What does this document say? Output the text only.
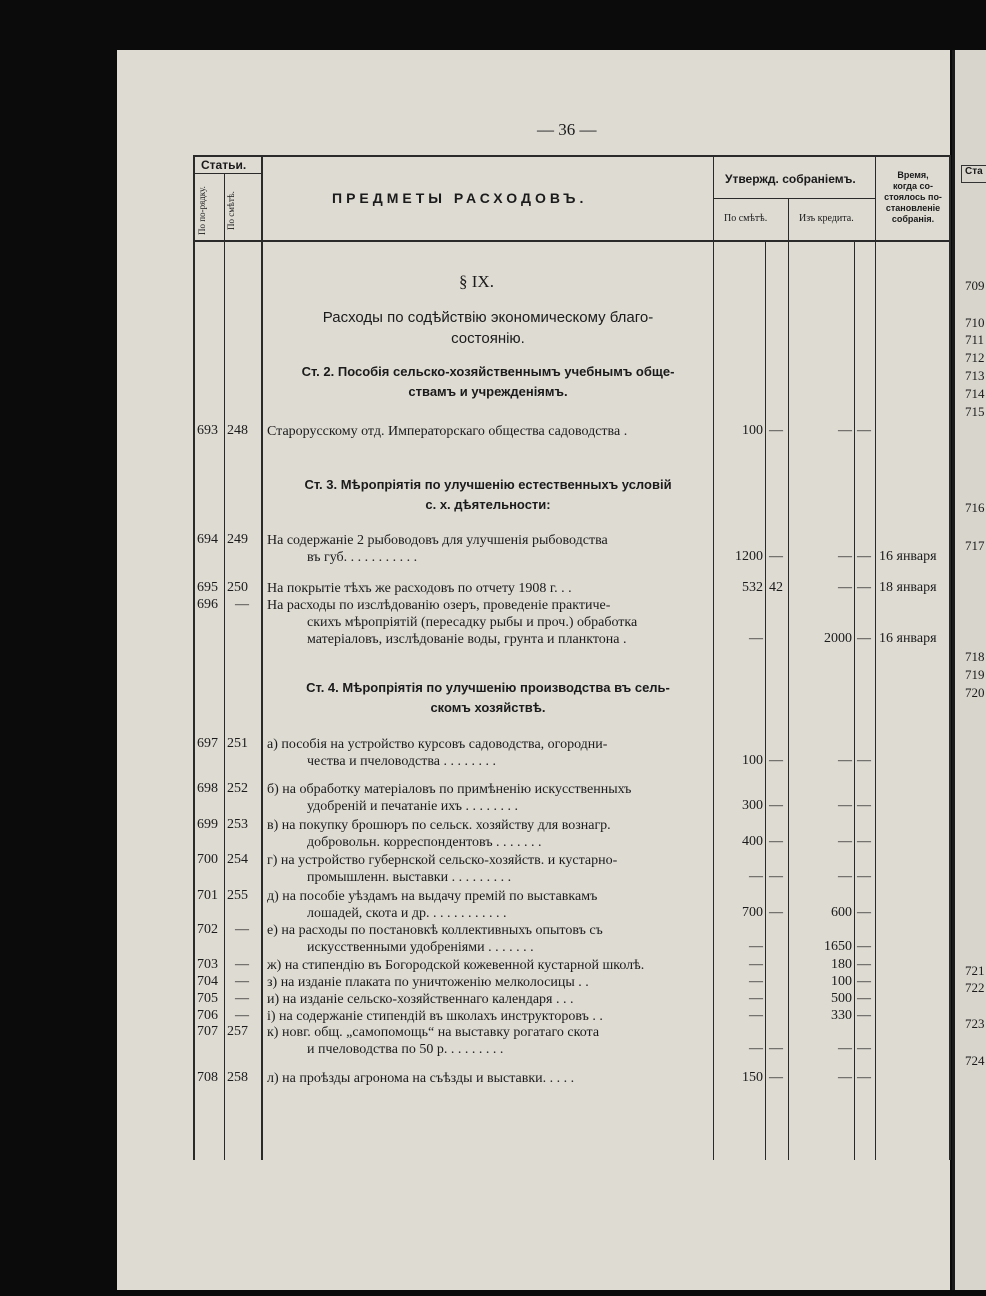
— 36 —
Статьи.
По по-рядку. По смѣтѣ.	ПРЕДМЕТЫ РАСХОДОВЪ.
Утвержд. собраніемъ.
По смѣтѣ.	Изъ кредита.
Время,
когда со-
стоялось по-
становленіе
собранія.
§ IX.
Расходы по содѣйствію экономическому благо-
состоянію.
Ст. 2. Пособія сельско-хозяйственнымъ учебнымъ обще-
ствамъ и учрежденіямъ.
Ст. 3. Мѣропріятія по улучшенію естественныхъ условій
с. х. дѣятельности:
Ст. 4. Мѣропріятія по улучшенію производства въ сель-
скомъ хозяйствѣ.
693 248 Старорусскому отд. Императорскаго общества садоводства .	100 —	— —
694 249 На содержаніе 2 рыбоводовъ для улучшенія рыбоводства
въ губ. . . . . . . . . . .	1200 —	— — 16 января
695 250 На покрытіе тѣхъ же расходовъ по отчету 1908 г. . .	532 42	— — 18 января
696 — На расходы по изслѣдованію озеръ, проведеніе практиче-
скихъ мѣропріятій (пересадку рыбы и проч.) обработка
матеріаловъ, изслѣдованіе воды, грунта и планктона .	—	2000 — 16 января
697 251 а) пособія на устройство курсовъ садоводства, огородни-
чества и пчеловодства . . . . . . . .	100 —	— —
698 252 б) на обработку матеріаловъ по примѣненію искусственныхъ
удобреній и печатаніе ихъ . . . . . . . .	300 —	— —
699 253 в) на покупку брошюръ по сельск. хозяйству для вознагр.
добровольн. корреспондентовъ . . . . . . .	400 —	— —
700 254 г) на устройство губернской сельско-хозяйств. и кустарно-
промышленн. выставки . . . . . . . . .	— —	— —
701 255 д) на пособіе уѣздамъ на выдачу премій по выставкамъ
лошадей, скота и др. . . . . . . . . . . .	700 —	600 —
702 — е) на расходы по постановкѣ коллективныхъ опытовъ съ
искусственными удобреніями . . . . . . .	—	1650 —
703 — ж) на стипендію въ Богородской кожевенной кустарной школѣ.	—	180 —
704 — з) на изданіе плаката по уничтоженію мелколосицы . .	—	100 —
705 — и) на изданіе сельско-хозяйственнаго календаря . . .	—	500 —
706 — і) на содержаніе стипендій въ школахъ инструкторовъ . .	—	330 —
707 257 к) новг. общ. „самопомощь“ на выставку рогатаго скота
и пчеловодства по 50 р. . . . . . . . .	— —	— —
708 258 л) на проѣзды агронома на съѣзды и выставки. . . . .	150 —	— —
Ста
709
710
711
712
713
714
715
716
717
718
719
720
721
722
723
724
